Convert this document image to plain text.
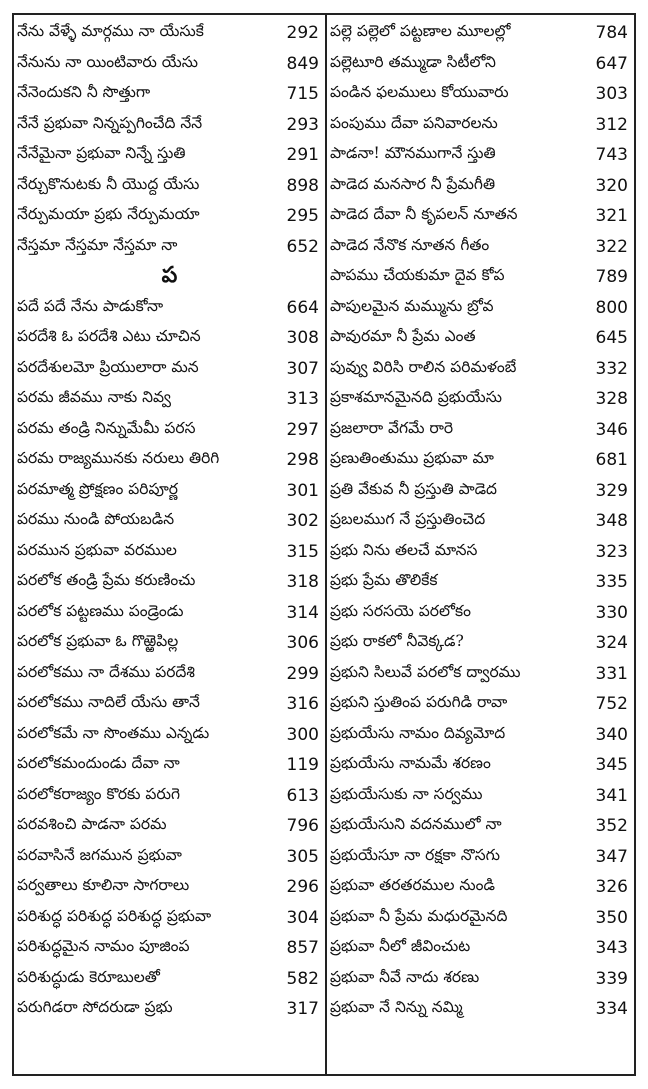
నేను వేళ్ళే మార్గము నా యేసుకే	292
నేనును నా యింటివారు యేసు	849
నేనెందుకని నీ సొత్తుగా	715
నేనే ప్రభువా నిన్నప్పగించేది నేనే	293
నేనేమైనా ప్రభువా నిన్నే స్తుతి	291
నేర్చుకొనుటకు నీ యొద్ద యేసు	898
నేర్పుమయా ప్రభు నేర్పుమయా	295
నేస్తమా నేస్తమా నేస్తమా నా	652
ప
పదే పదే నేను పాడుకోనా	664
పరదేశి ఓ పరదేశి ఎటు చూచిన	308
పరదేశులమో ప్రియులారా మన	307
పరమ జీవము నాకు నివ్వ	313
పరమ తండ్రి నిన్నుమేమీ పరస	297
పరమ రాజ్యమునకు నరులు తిరిగి	298
పరమాత్మ ప్రోక్షణం పరిపూర్ణ	301
పరము నుండి పోయబడిన	302
పరమున ప్రభువా వరముల	315
పరలోక తండ్రి ప్రేమ కరుణించు	318
పరలోక పట్టణము పండ్రెండు	314
పరలోక ప్రభువా ఓ గొఱ్ఱెపిల్ల	306
పరలోకము నా దేశము పరదేశి	299
పరలోకము నాదిలే యేసు తానే	316
పరలోకమే నా సొంతము ఎన్నడు	300
పరలోకమందుండు దేవా నా	119
పరలోకరాజ్యం కొరకు పరుగె	613
పరవశించి పాడనా పరమ	796
పరవాసినే జగమున ప్రభువా	305
పర్వతాలు కూలినా సాగరాలు	296
పరిశుద్ధ పరిశుద్ధ పరిశుద్ధ ప్రభువా	304
పరిశుద్ధమైన నామం పూజింప	857
పరిశుద్ధుడు కెరూబులతో	582
పరుగిడరా సోదరుడా ప్రభు	317
పల్లె పల్లెలో పట్టణాల మూలల్లో	784
పల్లెటూరి తమ్ముడా సిటీలోని	647
పండిన ఫలములు కోయువారు	303
పంపుము దేవా పనివారలను	312
పాడనా! మౌనముగానే స్తుతి	743
పాడెద మనసార నీ ప్రేమగీతి	320
పాడెద దేవా నీ కృపలన్ నూతన	321
పాడెద నేనొక నూతన గీతం	322
పాపము చేయకుమా దైవ కోప	789
పాపులమైన మమ్మును బ్రోవ	800
పావురమా నీ ప్రేమ ఎంత	645
పువ్వు విరిసి రాలిన పరిమళంబే	332
ప్రకాశమానమైనది ప్రభుయేసు	328
ప్రజలారా వేగమే రారె	346
ప్రణుతింతుము ప్రభువా మా	681
ప్రతి వేకువ నీ ప్రస్తుతి పాడెద	329
ప్రబలముగ నే ప్రస్తుతించెద	348
ప్రభు నిను తలచే మానస	323
ప్రభు ప్రేమ తొలికేక	335
ప్రభు సరసయె పరలోకం	330
ప్రభు రాకలో నీవెక్కడ?	324
ప్రభుని సిలువే పరలోక ద్వారము	331
ప్రభుని స్తుతింప పరుగిడి రావా	752
ప్రభుయేసు నామం దివ్యమోద	340
ప్రభుయేసు నామమే శరణం	345
ప్రభుయేసుకు నా సర్వము	341
ప్రభుయేసుని వదనములో నా	352
ప్రభుయేసూ నా రక్షకా నొసగు	347
ప్రభువా తరతరముల నుండి	326
ప్రభువా నీ ప్రేమ మధురమైనది	350
ప్రభువా నీలో జీవించుట	343
ప్రభువా నీవే నాదు శరణు	339
ప్రభువా నే నిన్ను నమ్మి	334
